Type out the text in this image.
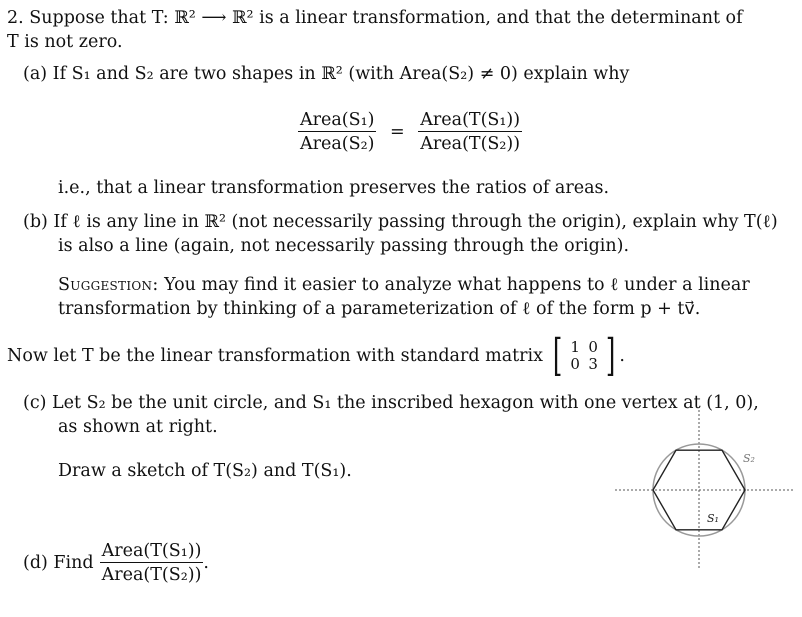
2. Suppose that T: ℝ² ⟶ ℝ² is a linear transformation, and that the determinant of
T is not zero.
(a) If S₁ and S₂ are two shapes in ℝ² (with Area(S₂) ≠ 0) explain why
$\frac{\text{Area(S₁)}}{\text{Area(S₂)}} = \frac{\text{Area(T(S₁))}}{\text{Area(T(S₂))}}$
i.e., that a linear transformation preserves the ratios of areas.
(b) If ℓ is any line in ℝ² (not necessarily passing through the origin), explain why T(ℓ)
is also a line (again, not necessarily passing through the origin).
Suggestion: You may find it easier to analyze what happens to ℓ under a linear
transformation by thinking of a parameterization of ℓ of the form p + tv⃗.
Now let T be the linear transformation with standard matrix [ 1 0
0 3 ] .
(c) Let S₂ be the unit circle, and S₁ the inscribed hexagon with one vertex at (1, 0),
as shown at right.
Draw a sketch of T(S₂) and T(S₁).
S₂
S₁
(d) Find $\frac{\text{Area(T(S₁))}}{\text{Area(T(S₂))}}$ .
